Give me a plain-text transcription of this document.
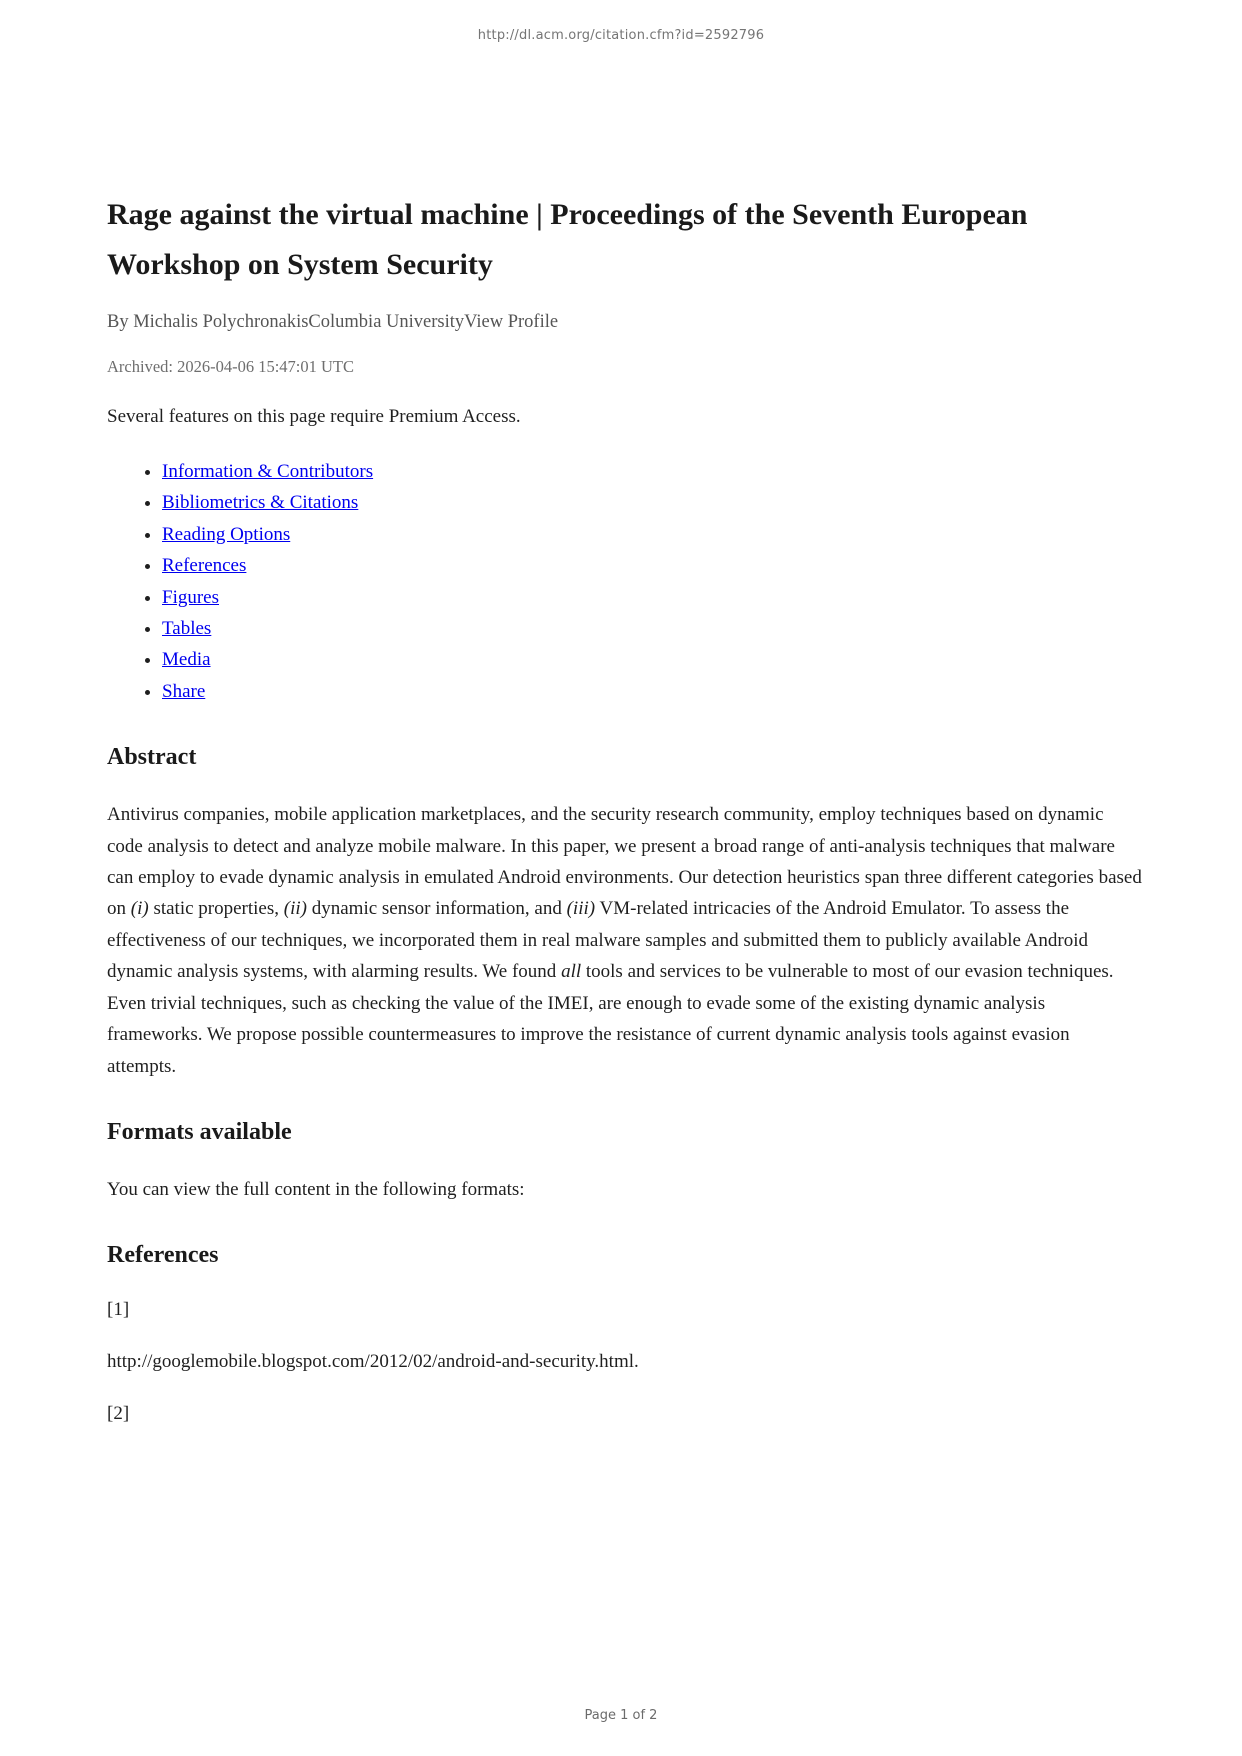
http://dl.acm.org/citation.cfm?id=2592796
Rage against the virtual machine | Proceedings of the Seventh European Workshop on System Security

By Michalis PolychronakisColumbia UniversityView Profile

Archived: 2026-04-06 15:47:01 UTC

Several features on this page require Premium Access.

• Information & Contributors
• Bibliometrics & Citations
• Reading Options
• References
• Figures
• Tables
• Media
• Share
Abstract

Antivirus companies, mobile application marketplaces, and the security research community, employ techniques based on dynamic code analysis to detect and analyze mobile malware. In this paper, we present a broad range of anti-analysis techniques that malware can employ to evade dynamic analysis in emulated Android environments. Our detection heuristics span three different categories based on (i) static properties, (ii) dynamic sensor information, and (iii) VM-related intricacies of the Android Emulator. To assess the effectiveness of our techniques, we incorporated them in real malware samples and submitted them to publicly available Android dynamic analysis systems, with alarming results. We found all tools and services to be vulnerable to most of our evasion techniques. Even trivial techniques, such as checking the value of the IMEI, are enough to evade some of the existing dynamic analysis frameworks. We propose possible countermeasures to improve the resistance of current dynamic analysis tools against evasion attempts.

Formats available

You can view the full content in the following formats:

References

[1]

http://googlemobile.blogspot.com/2012/02/android-and-security.html.

[2]

Page 1 of 2
